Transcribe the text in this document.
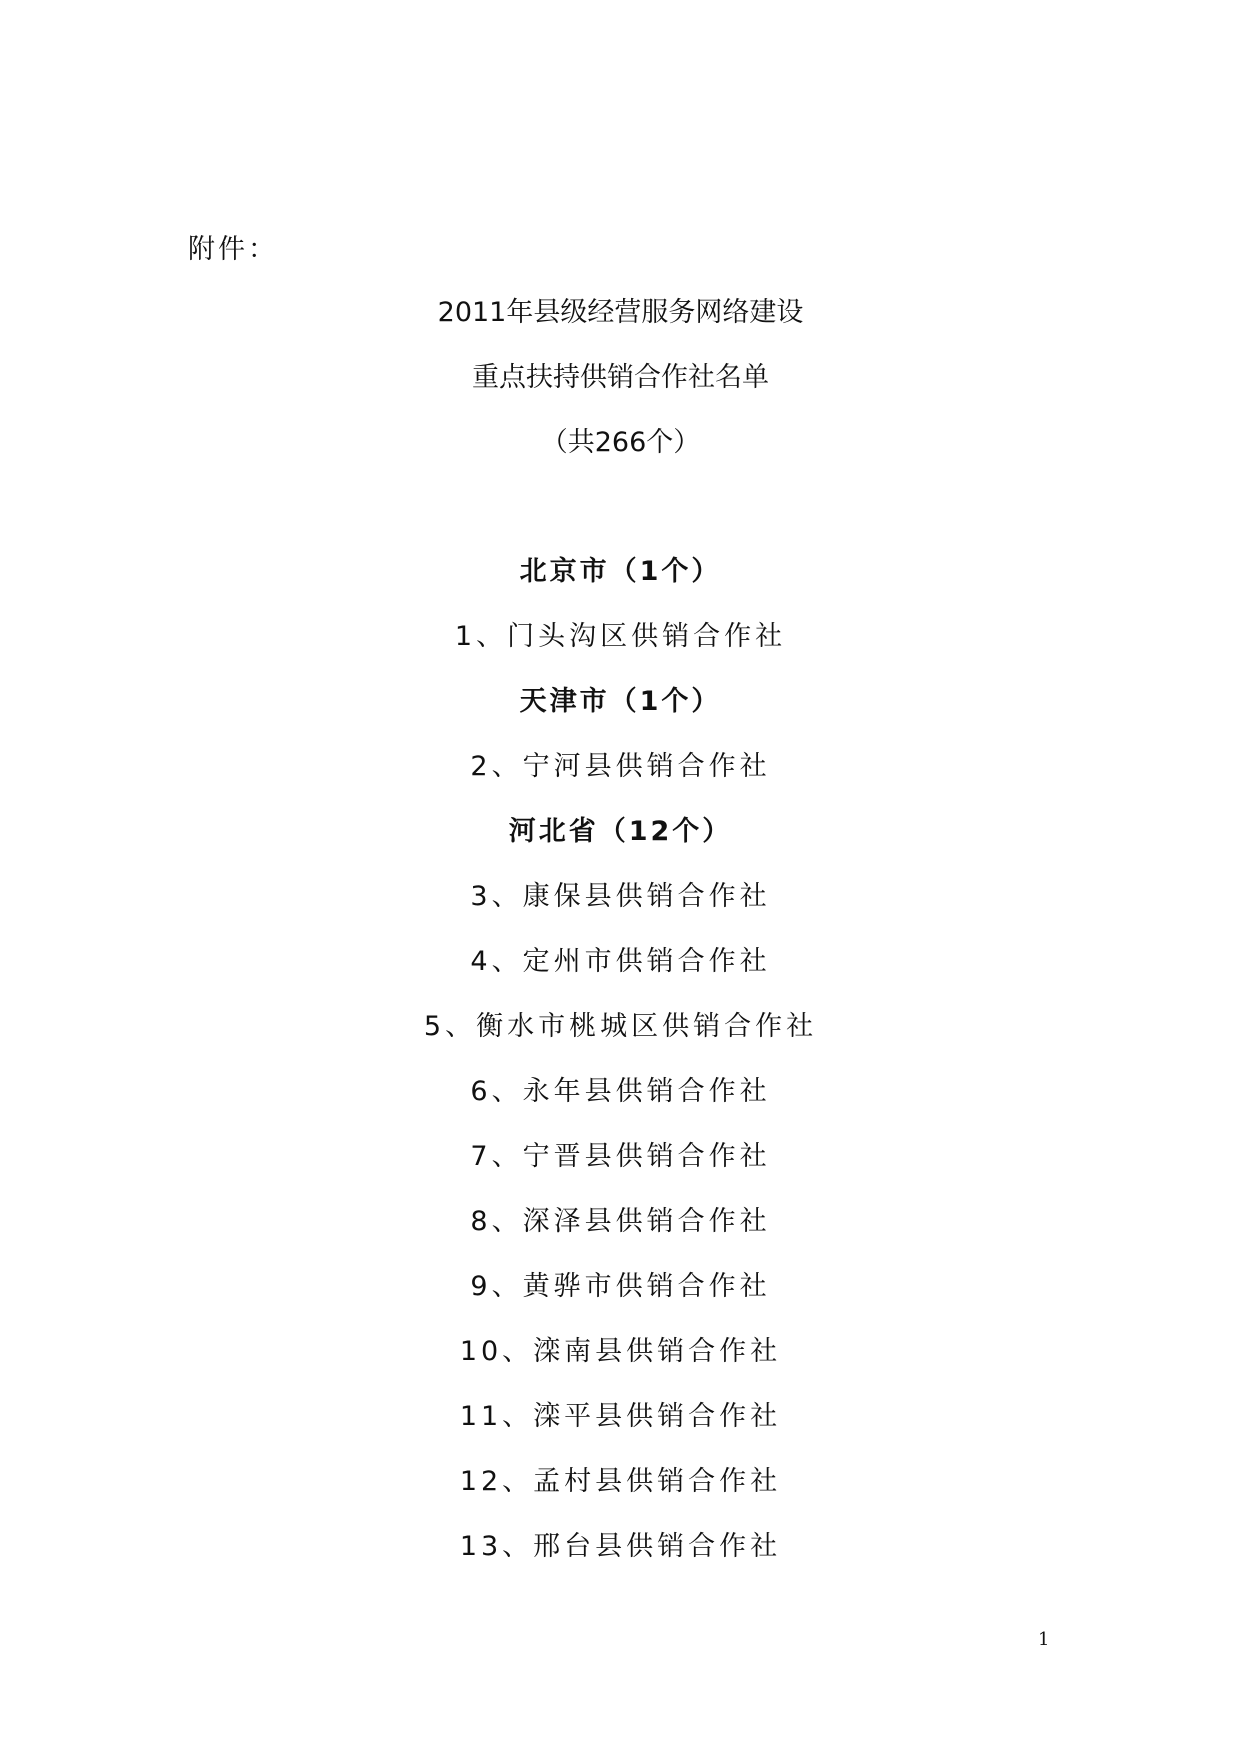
附件：
2011年县级经营服务网络建设
重点扶持供销合作社名单
（共266个）
北京市（1个）
1、门头沟区供销合作社
天津市（1个）
2、宁河县供销合作社
河北省（12个）
3、康保县供销合作社
4、定州市供销合作社
5、衡水市桃城区供销合作社
6、永年县供销合作社
7、宁晋县供销合作社
8、深泽县供销合作社
9、黄骅市供销合作社
10、滦南县供销合作社
11、滦平县供销合作社
12、孟村县供销合作社
13、邢台县供销合作社
1
